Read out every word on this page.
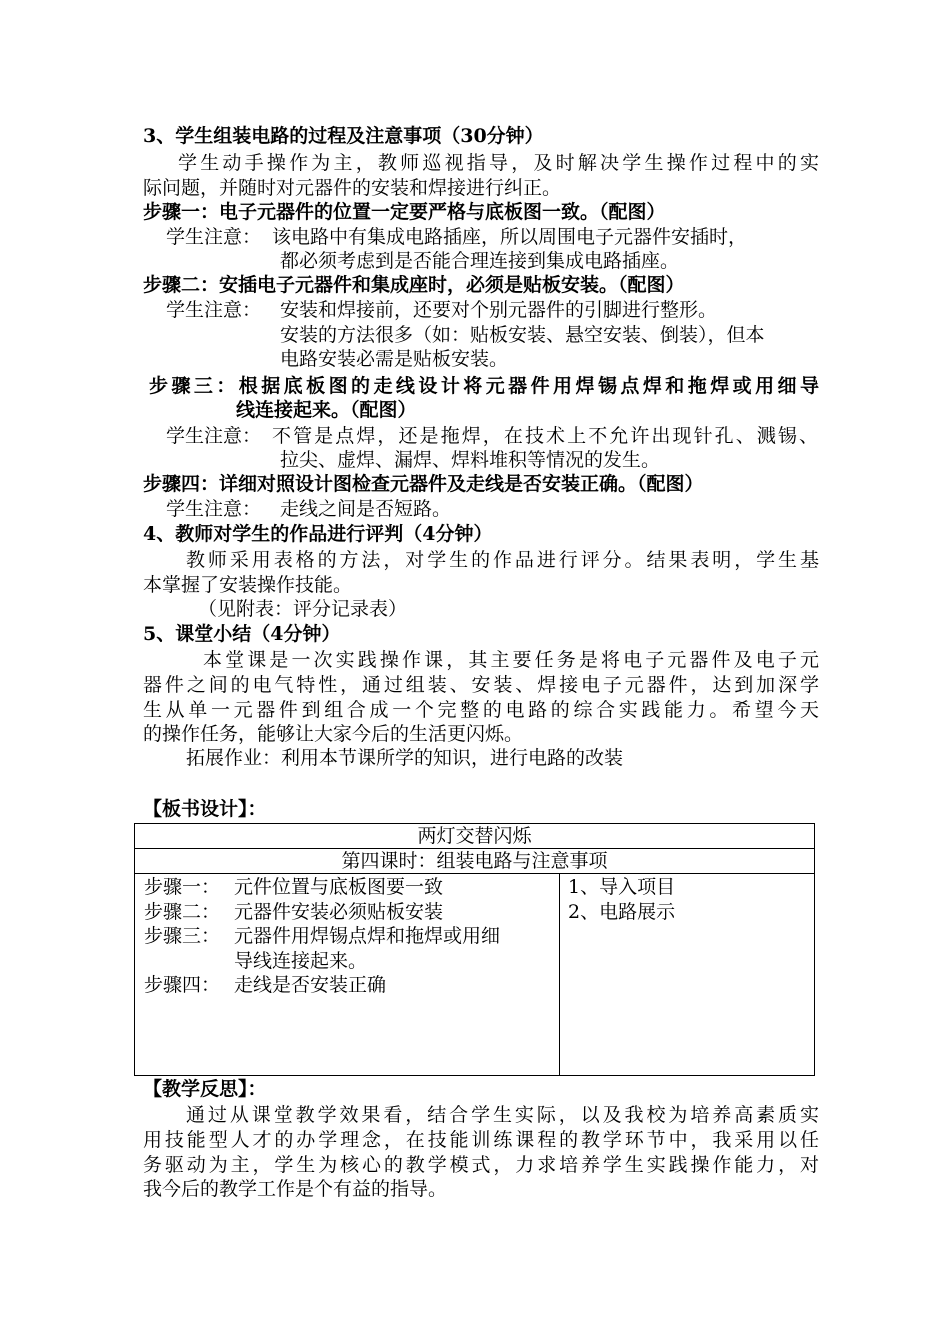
3、学生组装电路的过程及注意事项（30分钟）
学生动手操作为主，教师巡视指导，及时解决学生操作过程中的实
际问题，并随时对元器件的安装和焊接进行纠正。
步骤一：电子元器件的位置一定要严格与底板图一致。（配图）
学生注意： 该电路中有集成电路插座，所以周围电子元器件安插时，
都必须考虑到是否能合理连接到集成电路插座。
步骤二：安插电子元器件和集成座时，必须是贴板安装。（配图）
学生注意： 安装和焊接前，还要对个别元器件的引脚进行整形。
安装的方法很多（如：贴板安装、悬空安装、倒装），但本
电路安装必需是贴板安装。
步骤三：根据底板图的走线设计将元器件用焊锡点焊和拖焊或用细导
线连接起来。（配图）
学生注意： 不管是点焊，还是拖焊，在技术上不允许出现针孔、溅锡、
拉尖、虚焊、漏焊、焊料堆积等情况的发生。
步骤四：详细对照设计图检查元器件及走线是否安装正确。（配图）
学生注意： 走线之间是否短路。
4、教师对学生的作品进行评判（4分钟）
教师采用表格的方法，对学生的作品进行评分。结果表明，学生基
本掌握了安装操作技能。
（见附表：评分记录表）
5、课堂小结（4分钟）
本堂课是一次实践操作课，其主要任务是将电子元器件及电子元
器件之间的电气特性，通过组装、安装、焊接电子元器件，达到加深学
生从单一元器件到组合成一个完整的电路的综合实践能力。希望今天
的操作任务，能够让大家今后的生活更闪烁。
拓展作业：利用本节课所学的知识，进行电路的改装
【板书设计】：
两灯交替闪烁
第四课时：组装电路与注意事项
步骤一： 元件位置与底板图要一致
步骤二： 元器件安装必须贴板安装
步骤三： 元器件用焊锡点焊和拖焊或用细
导线连接起来。
步骤四： 走线是否安装正确
1、导入项目
2、电路展示
【教学反思】：
通过从课堂教学效果看，结合学生实际，以及我校为培养高素质实
用技能型人才的办学理念，在技能训练课程的教学环节中，我采用以任
务驱动为主，学生为核心的教学模式，力求培养学生实践操作能力，对
我今后的教学工作是个有益的指导。
